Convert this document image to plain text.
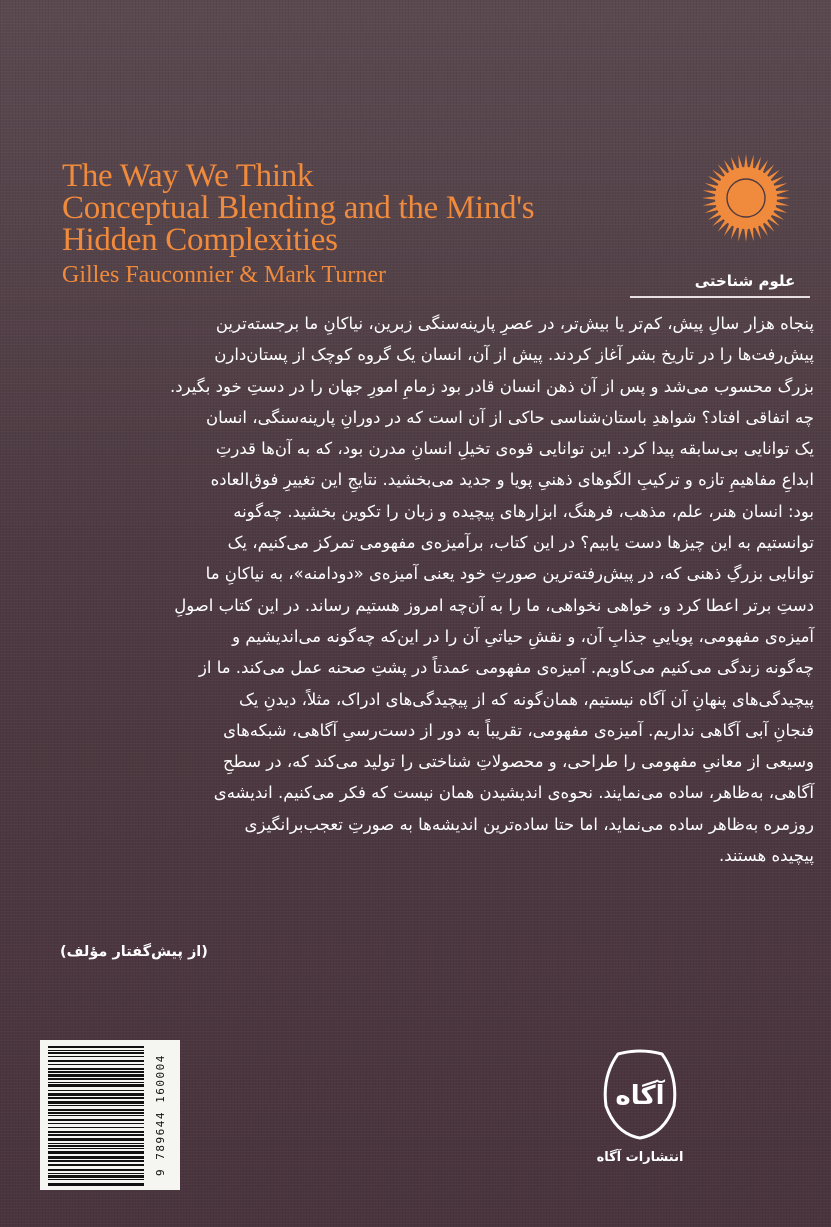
The Way We Think
Conceptual Blending and the Mind's
Hidden Complexities
Gilles Fauconnier & Mark Turner	علوم شناختی
پنجاه هزار سالِ پیش، کم‌تر یا بیش‌تر، در عصرِ پارینه‌سنگی زبرین، نیاکانِ ما برجسته‌ترین
پیش‌رفت‌ها را در تاریخ بشر آغاز کردند. پیش از آن، انسان یک گروه کوچک از پستان‌دارن
بزرگ محسوب می‌شد و پس از آن ذهن انسان قادر بود زمامِ امورِ جهان را در دستِ خود بگیرد.
چه اتفاقی افتاد؟ شواهدِ باستان‌شناسی حاکی از آن است که در دورانِ پارینه‌سنگی، انسان
یک توانایی بی‌سابقه پیدا کرد. این توانایی قوه‌ی تخیلِ انسانِ مدرن بود، که به آن‌ها قدرتِ
ابداعِ مفاهیمِ تازه و ترکیبِ الگوهای ذهنیِ پویا و جدید می‌بخشید. نتایجِ این تغییرِ فوق‌العاده
بود: انسان هنر، علم، مذهب، فرهنگ، ابزارهای پیچیده و زبان را تکوین بخشید. چه‌گونه
توانستیم به این چیزها دست یابیم؟ در این کتاب، برآمیزه‌ی مفهومی تمرکز می‌کنیم، یک
توانایی بزرگِ ذهنی که، در پیش‌رفته‌ترین صورتِ خود یعنی آمیزه‌ی «دودامنه»، به نیاکانِ ما
دستِ برتر اعطا کرد و، خواهی نخواهی، ما را به آن‌چه امروز هستیم رساند. در این کتاب اصولِ
آمیزه‌ی مفهومی، پویاییِ جذابِ آن، و نقشِ حیاتیِ آن را در این‌که چه‌گونه می‌اندیشیم و
چه‌گونه زندگی می‌کنیم می‌کاویم. آمیزه‌ی مفهومی عمدتاً در پشتِ صحنه عمل می‌کند. ما از
پیچیدگی‌های پنهانِ آن آگاه نیستیم، همان‌گونه که از پیچیدگی‌های ادراک، مثلاً، دیدنِ یک
فنجانِ آبی آگاهی نداریم. آمیزه‌ی مفهومی، تقریباً به دور از دست‌رسیِ آگاهی، شبکه‌های
وسیعی از معانیِ مفهومی را طراحی، و محصولاتِ شناختی را تولید می‌کند که، در سطحِ
آگاهی، به‌ظاهر، ساده می‌نمایند. نحوه‌ی اندیشیدن همان نیست که فکر می‌کنیم. اندیشه‌ی
روزمره به‌ظاهر ساده می‌نماید، اما حتا ساده‌ترین اندیشه‌ها به صورتِ تعجب‌برانگیزی
پیچیده هستند.
(از پیش‌گفتار مؤلف)
9 789644 160004	آگاه
انتشارات آگاه
